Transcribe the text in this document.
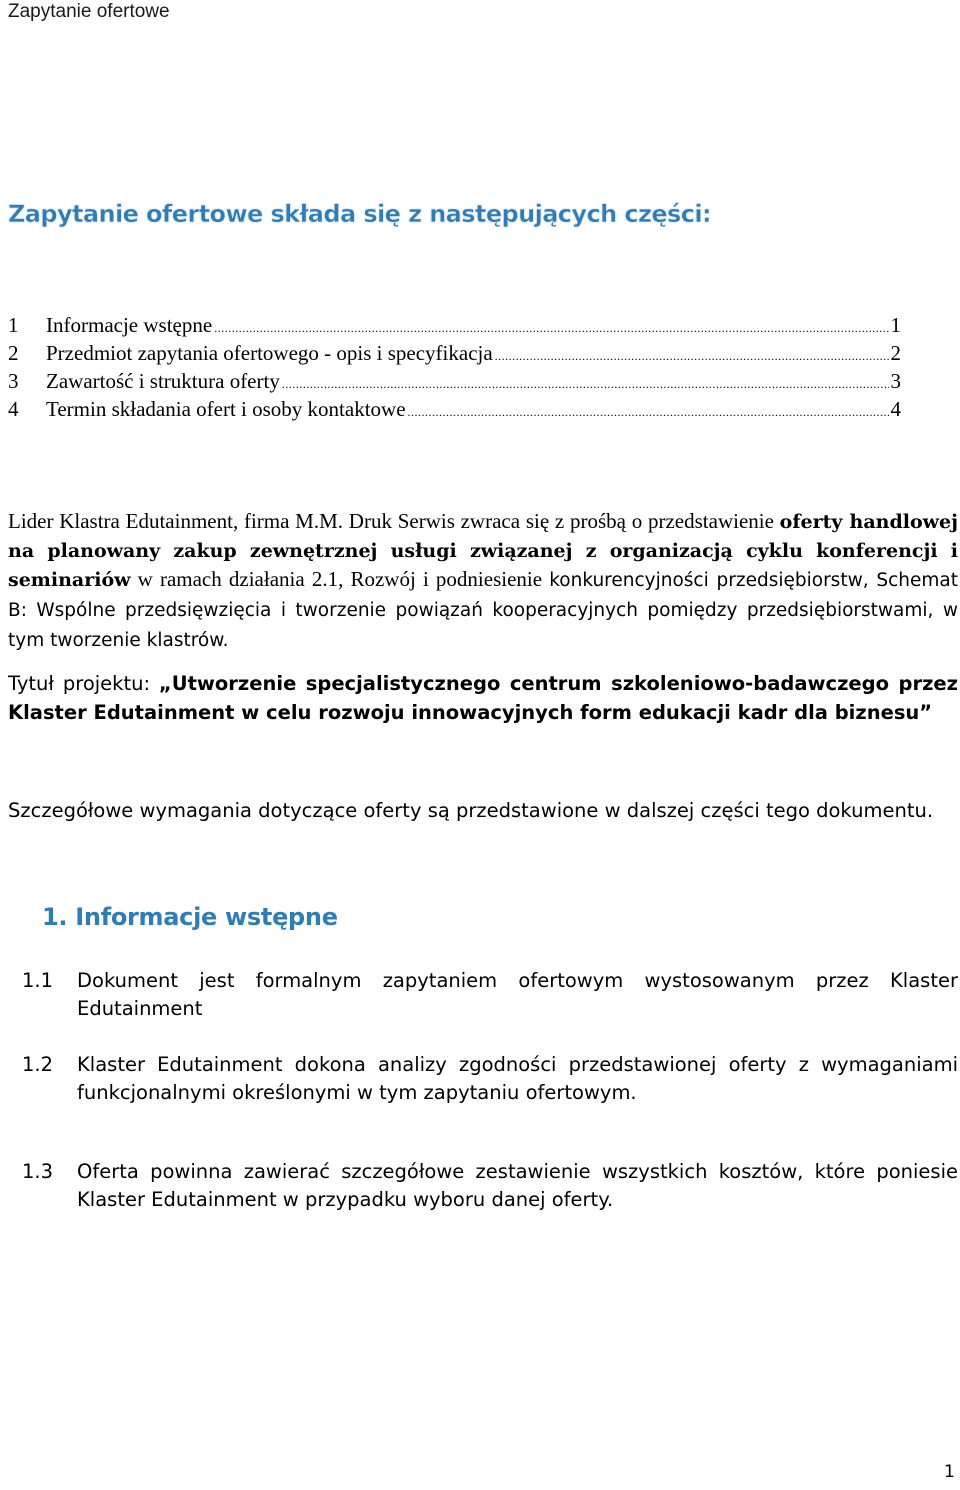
Zapytanie ofertowe
Zapytanie ofertowe składa się z następujących części:
1	Informacje wstępne .....	1
2	Przedmiot zapytania ofertowego - opis i specyfikacja .....	2
3	Zawartość i struktura oferty .....	3
4	Termin składania ofert i osoby kontaktowe .....	4
Lider Klastra Edutainment, firma M.M. Druk Serwis zwraca się z prośbą o przedstawienie oferty handlowej na planowany zakup zewnętrznej usługi związanej z organizacją cyklu konferencji i seminariów w ramach działania 2.1, Rozwój i podniesienie konkurencyjności przedsiębiorstw, Schemat B: Wspólne przedsięwzięcia i tworzenie powiązań kooperacyjnych pomiędzy przedsiębiorstwami, w tym tworzenie klastrów.
Tytuł projektu: „Utworzenie specjalistycznego centrum szkoleniowo-badawczego przez Klaster Edutainment w celu rozwoju innowacyjnych form edukacji kadr dla biznesu”
Szczegółowe wymagania dotyczące oferty są przedstawione w dalszej części tego dokumentu.
1. Informacje wstępne
1.1	Dokument jest formalnym zapytaniem ofertowym wystosowanym przez Klaster Edutainment
1.2	Klaster Edutainment dokona analizy zgodności przedstawionej oferty z wymaganiami funkcjonalnymi określonymi w tym zapytaniu ofertowym.
1.3	Oferta powinna zawierać szczegółowe zestawienie wszystkich kosztów, które poniesie Klaster Edutainment w przypadku wyboru danej oferty.
1
